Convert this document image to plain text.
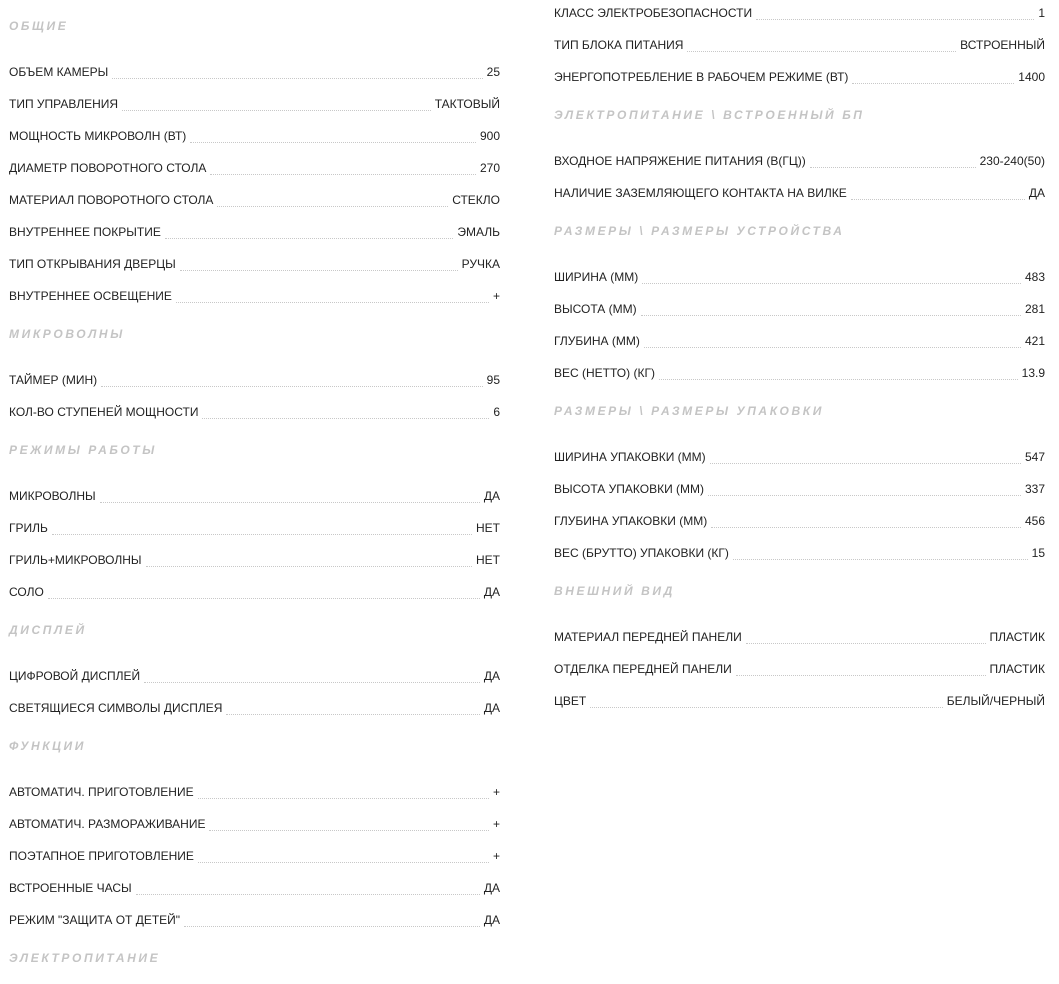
ОБЩИЕ
ОБЪЕМ КАМЕРЫ	25
ТИП УПРАВЛЕНИЯ	ТАКТОВЫЙ
МОЩНОСТЬ МИКРОВОЛН (ВТ)	900
ДИАМЕТР ПОВОРОТНОГО СТОЛА	270
МАТЕРИАЛ ПОВОРОТНОГО СТОЛА	СТЕКЛО
ВНУТРЕННЕЕ ПОКРЫТИЕ	ЭМАЛЬ
ТИП ОТКРЫВАНИЯ ДВЕРЦЫ	РУЧКА
ВНУТРЕННЕЕ ОСВЕЩЕНИЕ	+
МИКРОВОЛНЫ
ТАЙМЕР (МИН)	95
КОЛ-ВО СТУПЕНЕЙ МОЩНОСТИ	6
РЕЖИМЫ РАБОТЫ
МИКРОВОЛНЫ	ДА
ГРИЛЬ	НЕТ
ГРИЛЬ+МИКРОВОЛНЫ	НЕТ
СОЛО	ДА
ДИСПЛЕЙ
ЦИФРОВОЙ ДИСПЛЕЙ	ДА
СВЕТЯЩИЕСЯ СИМВОЛЫ ДИСПЛЕЯ	ДА
ФУНКЦИИ
АВТОМАТИЧ. ПРИГОТОВЛЕНИЕ	+
АВТОМАТИЧ. РАЗМОРАЖИВАНИЕ	+
ПОЭТАПНОЕ ПРИГОТОВЛЕНИЕ	+
ВСТРОЕННЫЕ ЧАСЫ	ДА
РЕЖИМ "ЗАЩИТА ОТ ДЕТЕЙ"	ДА
ЭЛЕКТРОПИТАНИЕ
КЛАСС ЭЛЕКТРОБЕЗОПАСНОСТИ	1
ТИП БЛОКА ПИТАНИЯ	ВСТРОЕННЫЙ
ЭНЕРГОПОТРЕБЛЕНИЕ В РАБОЧЕМ РЕЖИМЕ (ВТ)	1400
ЭЛЕКТРОПИТАНИЕ \ ВСТРОЕННЫЙ БП
ВХОДНОЕ НАПРЯЖЕНИЕ ПИТАНИЯ (В(ГЦ))	230-240(50)
НАЛИЧИЕ ЗАЗЕМЛЯЮЩЕГО КОНТАКТА НА ВИЛКЕ	ДА
РАЗМЕРЫ \ РАЗМЕРЫ УСТРОЙСТВА
ШИРИНА (ММ)	483
ВЫСОТА (ММ)	281
ГЛУБИНА (ММ)	421
ВЕС (НЕТТО) (КГ)	13.9
РАЗМЕРЫ \ РАЗМЕРЫ УПАКОВКИ
ШИРИНА УПАКОВКИ (ММ)	547
ВЫСОТА УПАКОВКИ (ММ)	337
ГЛУБИНА УПАКОВКИ (ММ)	456
ВЕС (БРУТТО) УПАКОВКИ (КГ)	15
ВНЕШНИЙ ВИД
МАТЕРИАЛ ПЕРЕДНЕЙ ПАНЕЛИ	ПЛАСТИК
ОТДЕЛКА ПЕРЕДНЕЙ ПАНЕЛИ	ПЛАСТИК
ЦВЕТ	БЕЛЫЙ/ЧЕРНЫЙ
